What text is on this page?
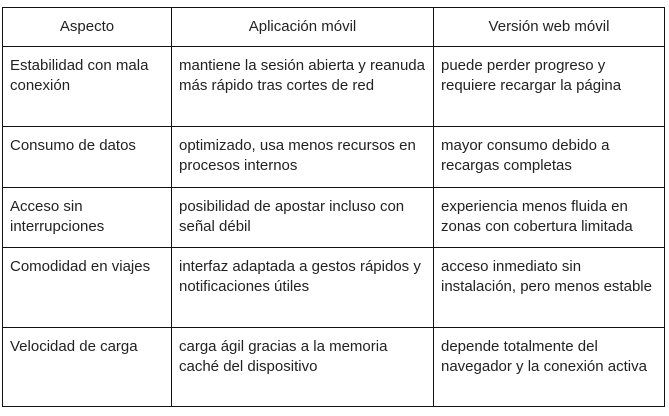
Aspecto	Aplicación móvil	Versión web móvil
Estabilidad con mala conexión	mantiene la sesión abierta y reanuda más rápido tras cortes de red	puede perder progreso y requiere recargar la página
Consumo de datos	optimizado, usa menos recursos en procesos internos	mayor consumo debido a recargas completas
Acceso sin interrupciones	posibilidad de apostar incluso con señal débil	experiencia menos fluida en zonas con cobertura limitada
Comodidad en viajes	interfaz adaptada a gestos rápidos y notificaciones útiles	acceso inmediato sin instalación, pero menos estable
Velocidad de carga	carga ágil gracias a la memoria caché del dispositivo	depende totalmente del navegador y la conexión activa
